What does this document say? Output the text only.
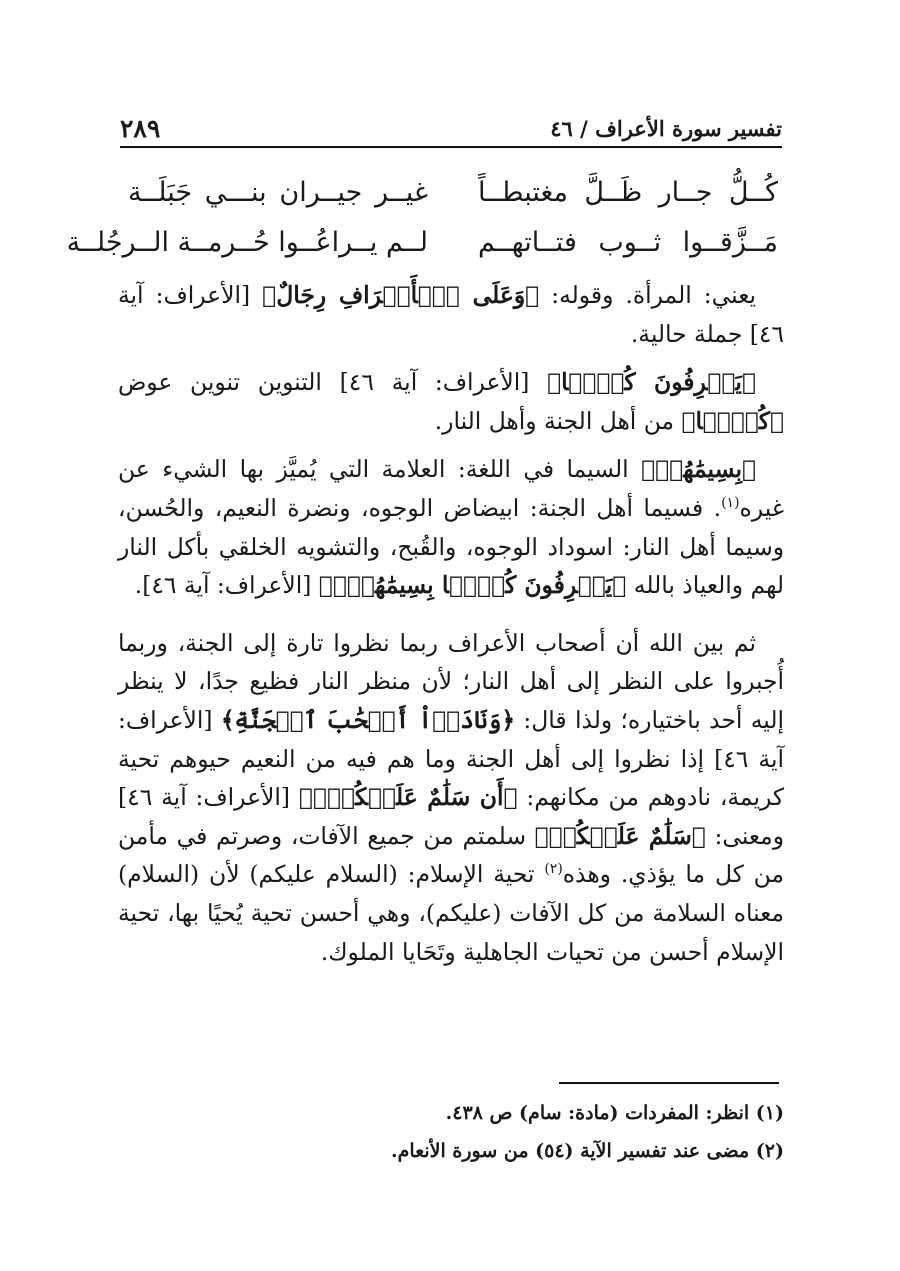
تفسير سورة الأعراف / ٤٦
٢٨٩
كُــلُّ جــار ظَــلَّ مغتبطــاً
غيــر جيــران بنـــي جَبَلَــة
مَــزَّقــوا ثــوب فتــاتهــم
لــم يــراعُــوا حُــرمــة الــرجُلــة

يعني: المرأة. وقوله: ﴿وَعَلَى ٱلۡأَعۡرَافِ رِجَالٌ﴾ [الأعراف: آية ٤٦] جملة حالية.

﴿يَعۡرِفُونَ كُلَّۢا﴾ [الأعراف: آية ٤٦] التنوين تنوين عوض ﴿كُلَّۢا﴾ من أهل الجنة وأهل النار.

﴿بِسِيمَٰهُمۡ﴾ السيما في اللغة: العلامة التي يُميَّز بها الشيء عن غيره$^{(١)}$. فسيما أهل الجنة: ابيضاض الوجوه، ونضرة النعيم، والحُسن، وسيما أهل النار: اسوداد الوجوه، والقُبح، والتشويه الخلقي بأكل النار لهم والعياذ بالله ﴿يَعۡرِفُونَ كُلَّۢا بِسِيمَٰهُمۡۚ﴾ [الأعراف: آية ٤٦].

ثم بين الله أن أصحاب الأعراف ربما نظروا تارة إلى الجنة، وربما أُجبروا على النظر إلى أهل النار؛ لأن منظر النار فظيع جدًا، لا ينظر إليه أحد باختياره؛ ولذا قال: ﴿وَنَادَوۡاْ أَصۡحَٰبَ ٱلۡجَنَّةِ﴾ [الأعراف: آية ٤٦] إذا نظروا إلى أهل الجنة وما هم فيه من النعيم حيوهم تحية كريمة، نادوهم من مكانهم: ﴿أَن سَلَٰمٌ عَلَيۡكُمۡۚ﴾ [الأعراف: آية ٤٦] ومعنى: ﴿سَلَٰمٌ عَلَيۡكُمۡ﴾ سلمتم من جميع الآفات، وصرتم في مأمن من كل ما يؤذي. وهذه$^{(٢)}$ تحية الإسلام: (السلام عليكم) لأن (السلام) معناه السلامة من كل الآفات (عليكم)، وهي أحسن تحية يُحيًا بها، تحية الإسلام أحسن من تحيات الجاهلية وتَحَايا الملوك.

(١) انظر: المفردات (مادة: سام) ص ٤٣٨.
(٢) مضى عند تفسير الآية (٥٤) من سورة الأنعام.
